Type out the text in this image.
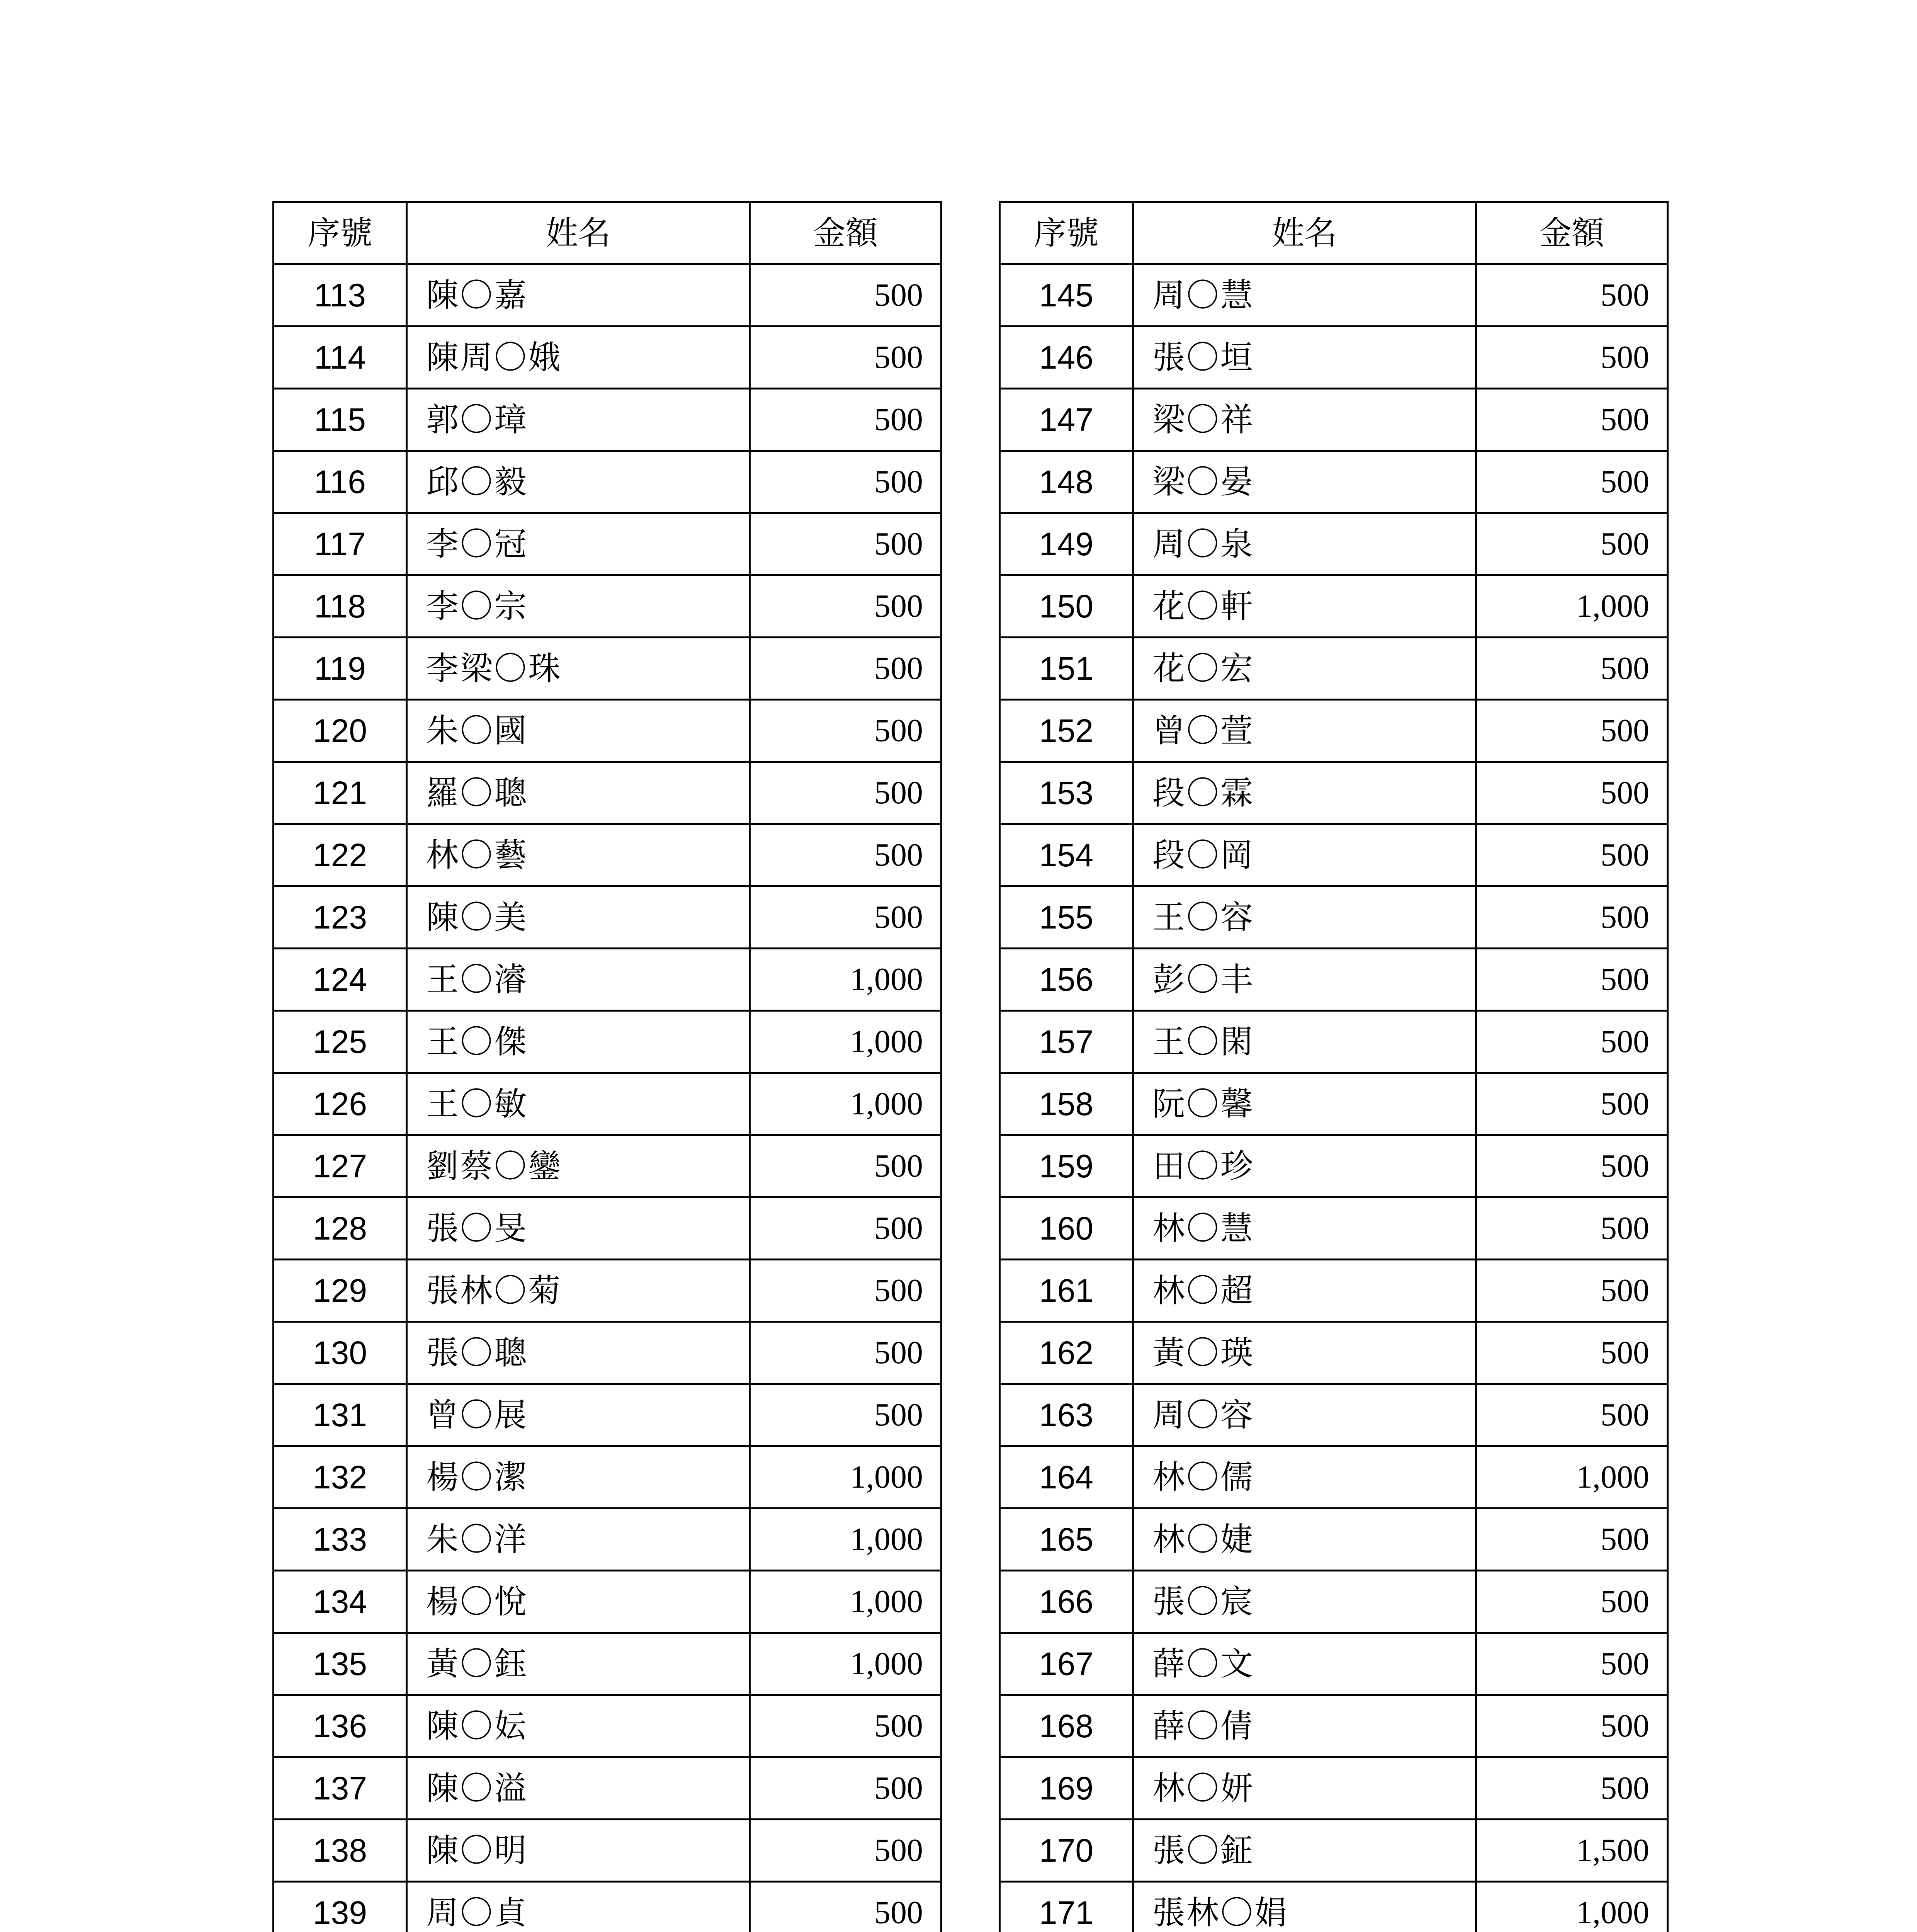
序號	姓名	金額
113	陳〇嘉	500
114	陳周〇娥	500
115	郭〇璋	500
116	邱〇毅	500
117	李〇冠	500
118	李〇宗	500
119	李梁〇珠	500
120	朱〇國	500
121	羅〇聰	500
122	林〇藝	500
123	陳〇美	500
124	王〇濬	1,000
125	王〇傑	1,000
126	王〇敏	1,000
127	劉蔡〇鑾	500
128	張〇旻	500
129	張林〇菊	500
130	張〇聰	500
131	曾〇展	500
132	楊〇潔	1,000
133	朱〇洋	1,000
134	楊〇悅	1,000
135	黃〇鈺	1,000
136	陳〇妘	500
137	陳〇溢	500
138	陳〇明	500
139	周〇貞	500

序號	姓名	金額
145	周〇慧	500
146	張〇垣	500
147	梁〇祥	500
148	梁〇晏	500
149	周〇泉	500
150	花〇軒	1,000
151	花〇宏	500
152	曾〇萱	500
153	段〇霖	500
154	段〇岡	500
155	王〇容	500
156	彭〇丰	500
157	王〇閑	500
158	阮〇馨	500
159	田〇珍	500
160	林〇慧	500
161	林〇超	500
162	黃〇瑛	500
163	周〇容	500
164	林〇儒	1,000
165	林〇婕	500
166	張〇宸	500
167	薛〇文	500
168	薛〇倩	500
169	林〇妍	500
170	張〇鉦	1,500
171	張林〇娟	1,000
